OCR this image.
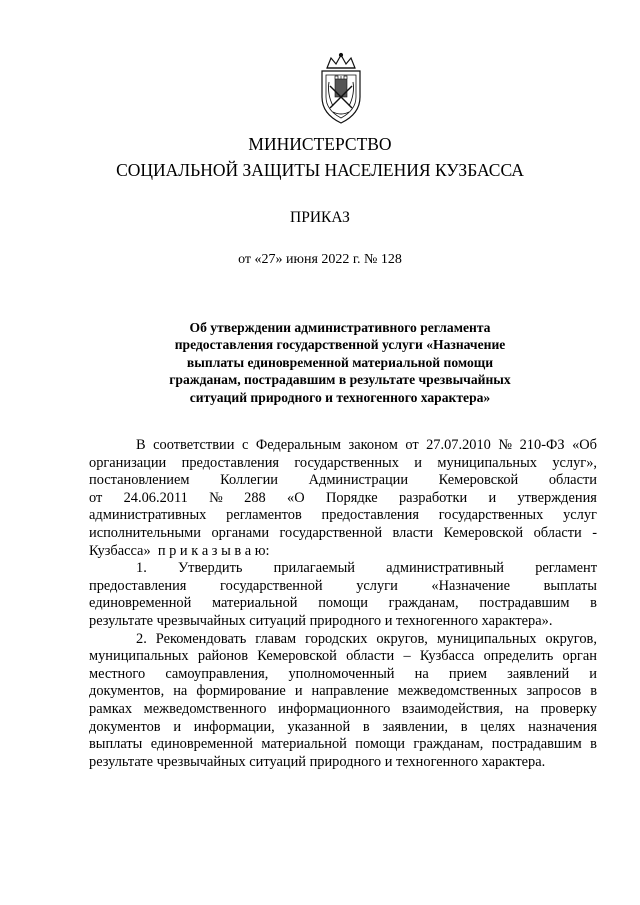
МИНИСТЕРСТВО
СОЦИАЛЬНОЙ ЗАЩИТЫ НАСЕЛЕНИЯ КУЗБАССА
ПРИКАЗ
от «27» июня 2022 г. № 128
Об утверждении административного регламента
предоставления государственной услуги «Назначение
выплаты единовременной материальной помощи
гражданам, пострадавшим в результате чрезвычайных
ситуаций природного и техногенного характера»
В соответствии с Федеральным законом от 27.07.2010 № 210-ФЗ «Об
организации предоставления государственных и муниципальных услуг»,
постановлением Коллегии Администрации Кемеровской области
от 24.06.2011 № 288 «О Порядке разработки и утверждения
административных регламентов предоставления государственных услуг
исполнительными органами государственной власти Кемеровской области -
Кузбасса»  п р и к а з ы в а ю:
1. Утвердить прилагаемый административный регламент
предоставления государственной услуги «Назначение выплаты
единовременной материальной помощи гражданам, пострадавшим в
результате чрезвычайных ситуаций природного и техногенного характера».
2. Рекомендовать главам городских округов, муниципальных округов,
муниципальных районов Кемеровской области – Кузбасса определить орган
местного самоуправления, уполномоченный на прием заявлений и
документов, на формирование и направление межведомственных запросов в
рамках межведомственного информационного взаимодействия, на проверку
документов и информации, указанной в заявлении, в целях назначения
выплаты единовременной материальной помощи гражданам, пострадавшим в
результате чрезвычайных ситуаций природного и техногенного характера.
